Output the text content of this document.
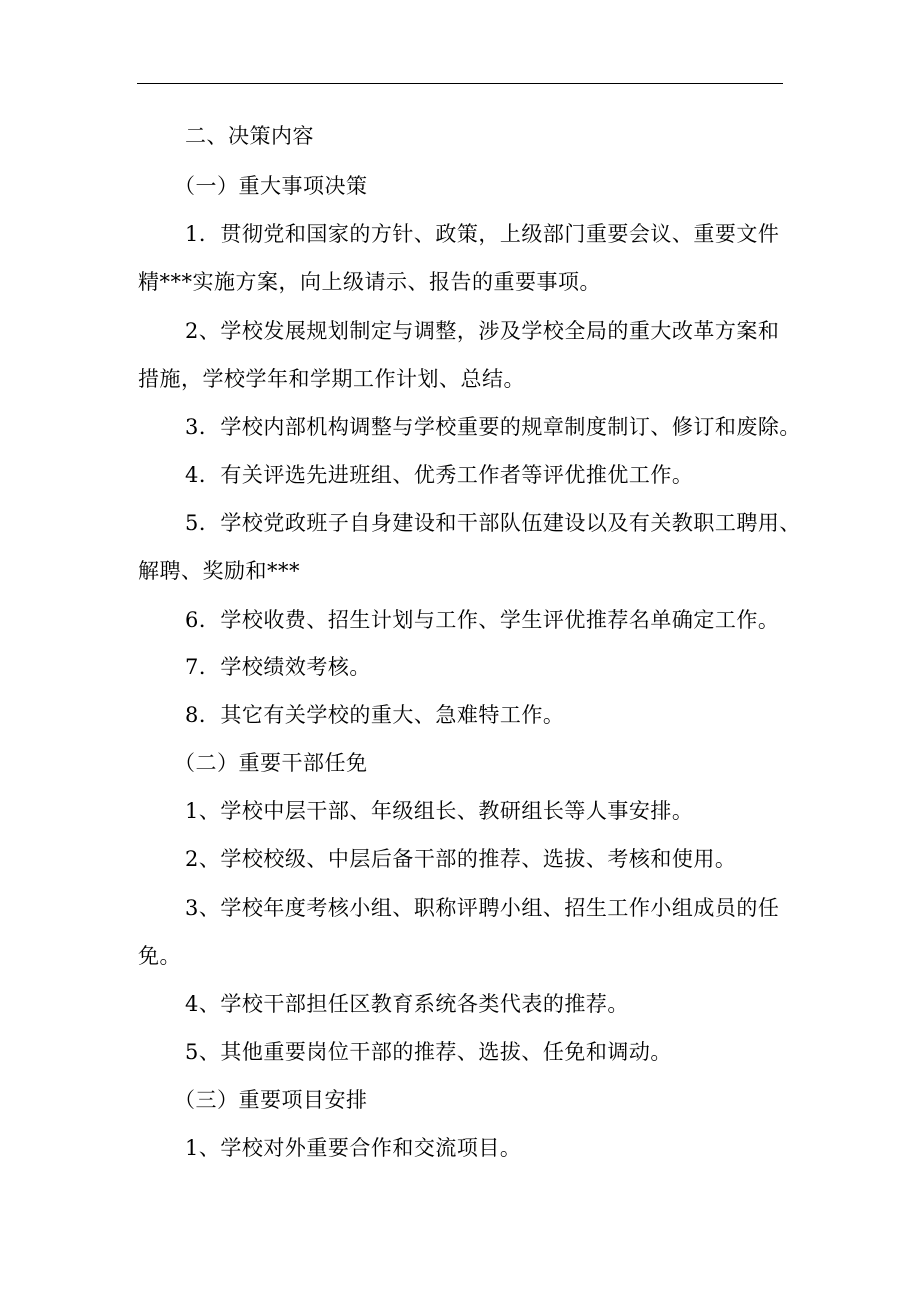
二、决策内容
（一）重大事项决策
1．贯彻党和国家的方针、政策，上级部门重要会议、重要文件
精***实施方案，向上级请示、报告的重要事项。
2、学校发展规划制定与调整，涉及学校全局的重大改革方案和
措施，学校学年和学期工作计划、总结。
3．学校内部机构调整与学校重要的规章制度制订、修订和废除。
4．有关评选先进班组、优秀工作者等评优推优工作。
5．学校党政班子自身建设和干部队伍建设以及有关教职工聘用、
解聘、奖励和***
6．学校收费、招生计划与工作、学生评优推荐名单确定工作。
7．学校绩效考核。
8．其它有关学校的重大、急难特工作。
（二）重要干部任免
1、学校中层干部、年级组长、教研组长等人事安排。
2、学校校级、中层后备干部的推荐、选拔、考核和使用。
3、学校年度考核小组、职称评聘小组、招生工作小组成员的任
免。
4、学校干部担任区教育系统各类代表的推荐。
5、其他重要岗位干部的推荐、选拔、任免和调动。
（三）重要项目安排
1、学校对外重要合作和交流项目。
